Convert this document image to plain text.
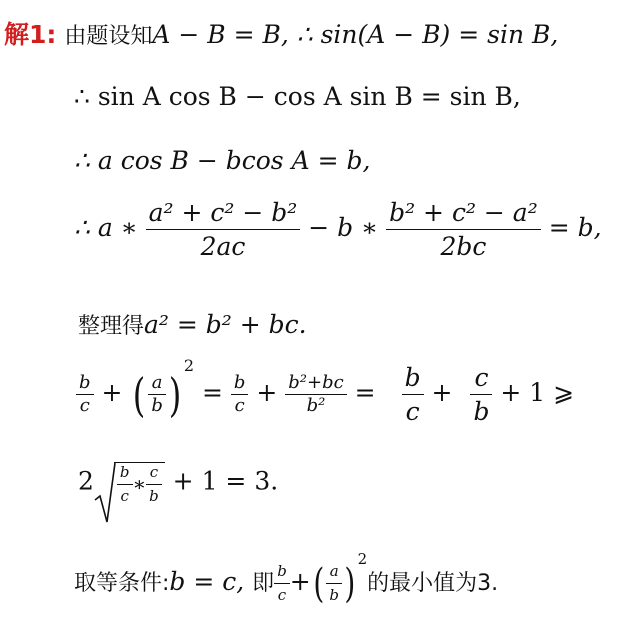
解1: 由题设知A − B = B, ∴ sin(A − B) = sin B,
∴ sin A cos B − cos A sin B = sin B,
∴ a cos B − bcos A = b,
∴ a ∗ $\frac{\text{a² + c² − b²}}{2ac} - b$ ∗ $\frac{\text{b² + c² − a²}}{2bc} = b$,
整理得a² = b² + bc.
$\frac{b}{c}$ + ( $\frac{a}{b} )^2 = \frac{b}{c} + \frac{\text{b²+bc}}{\text{b²}} = \frac{b}{c} + \frac{c}{b} + 1$ ⩾
$2 \frac{b}{c}$ ∗ $\frac{c}{b} + 1 = 3$.
取等条件:b = c, 即 $\frac{b}{c}$ +( $\frac{a}{b} )^2$的最小值为3.
